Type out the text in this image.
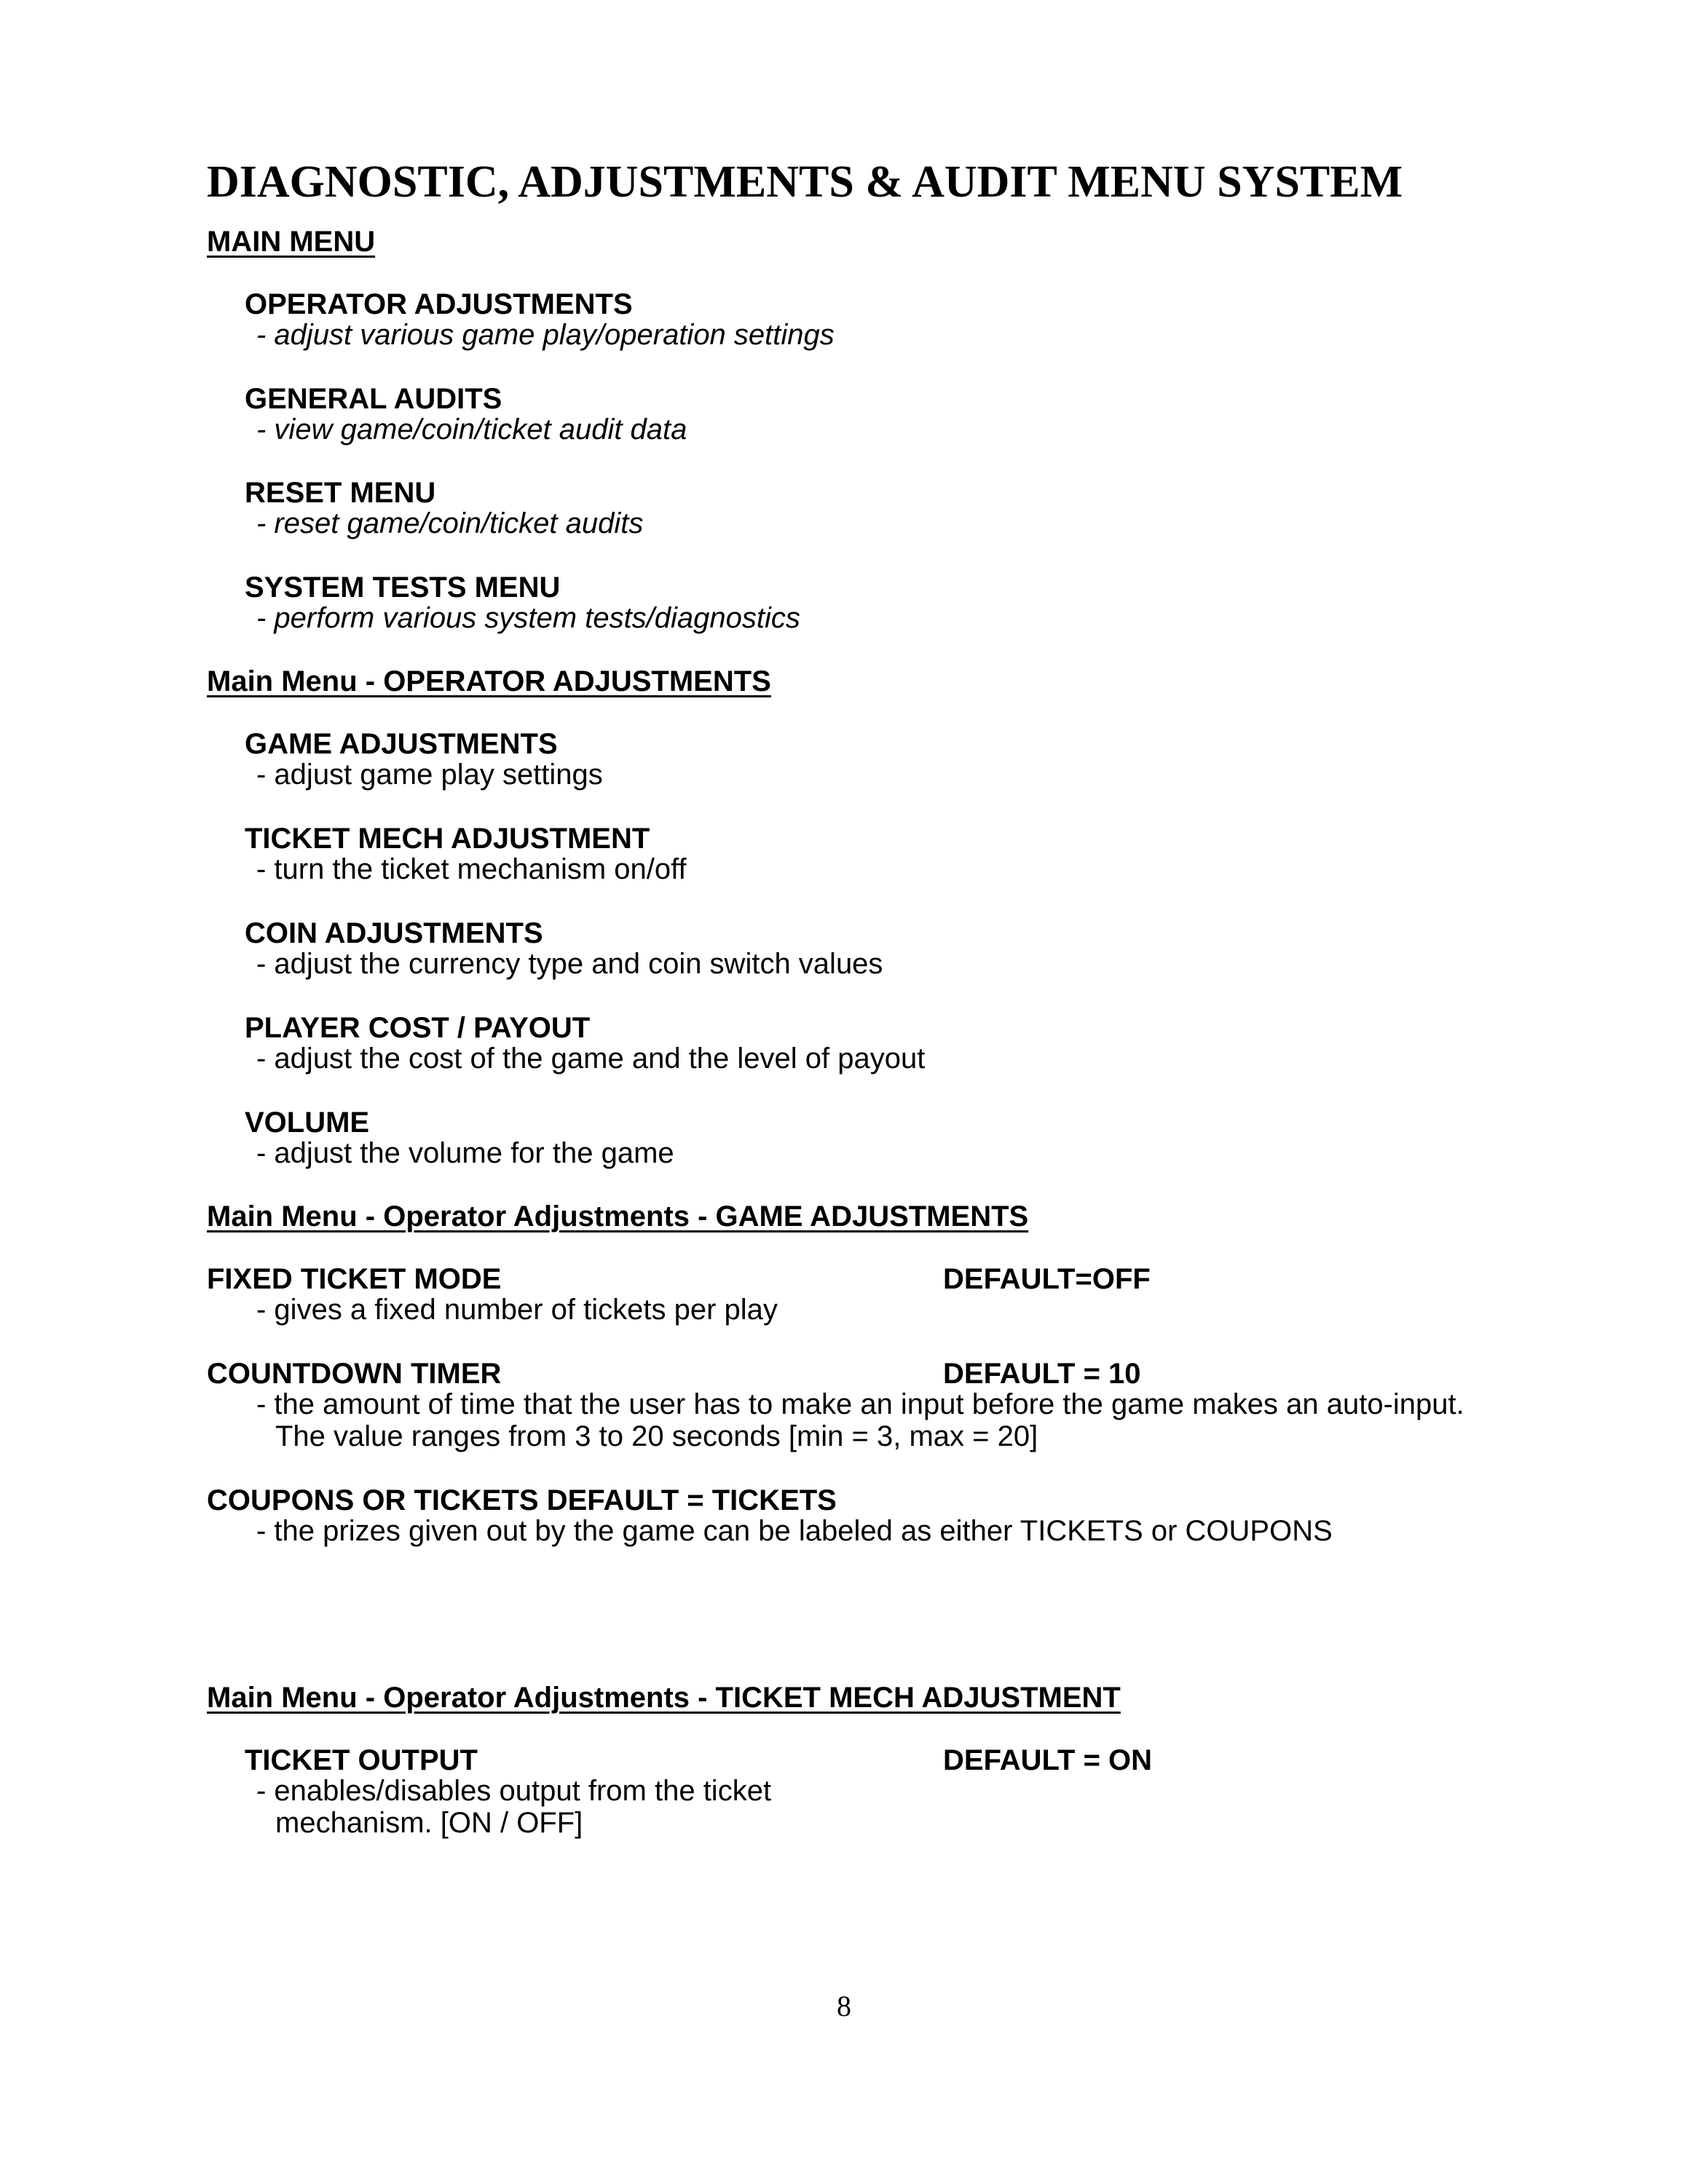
DIAGNOSTIC, ADJUSTMENTS & AUDIT MENU SYSTEM
MAIN MENU
OPERATOR ADJUSTMENTS
- adjust various game play/operation settings
GENERAL AUDITS
- view game/coin/ticket audit data
RESET MENU
- reset game/coin/ticket audits
SYSTEM TESTS MENU
- perform various system tests/diagnostics
Main Menu - OPERATOR ADJUSTMENTS
GAME ADJUSTMENTS
- adjust game play settings
TICKET MECH ADJUSTMENT
- turn the ticket mechanism on/off
COIN ADJUSTMENTS
- adjust the currency type and coin switch values
PLAYER COST / PAYOUT
- adjust the cost of the game and the level of payout
VOLUME
- adjust the volume for the game
Main Menu - Operator Adjustments - GAME ADJUSTMENTS
FIXED TICKET MODE	DEFAULT=OFF
- gives a fixed number of tickets per play
COUNTDOWN TIMER	DEFAULT = 10
- the amount of time that the user has to make an input before the game makes an auto-input.
The value ranges from 3 to 20 seconds [min = 3, max = 20]
COUPONS OR TICKETS DEFAULT = TICKETS
- the prizes given out by the game can be labeled as either TICKETS or COUPONS
Main Menu - Operator Adjustments - TICKET MECH ADJUSTMENT
TICKET OUTPUT	DEFAULT = ON
- enables/disables output from the ticket
mechanism. [ON / OFF]
8
